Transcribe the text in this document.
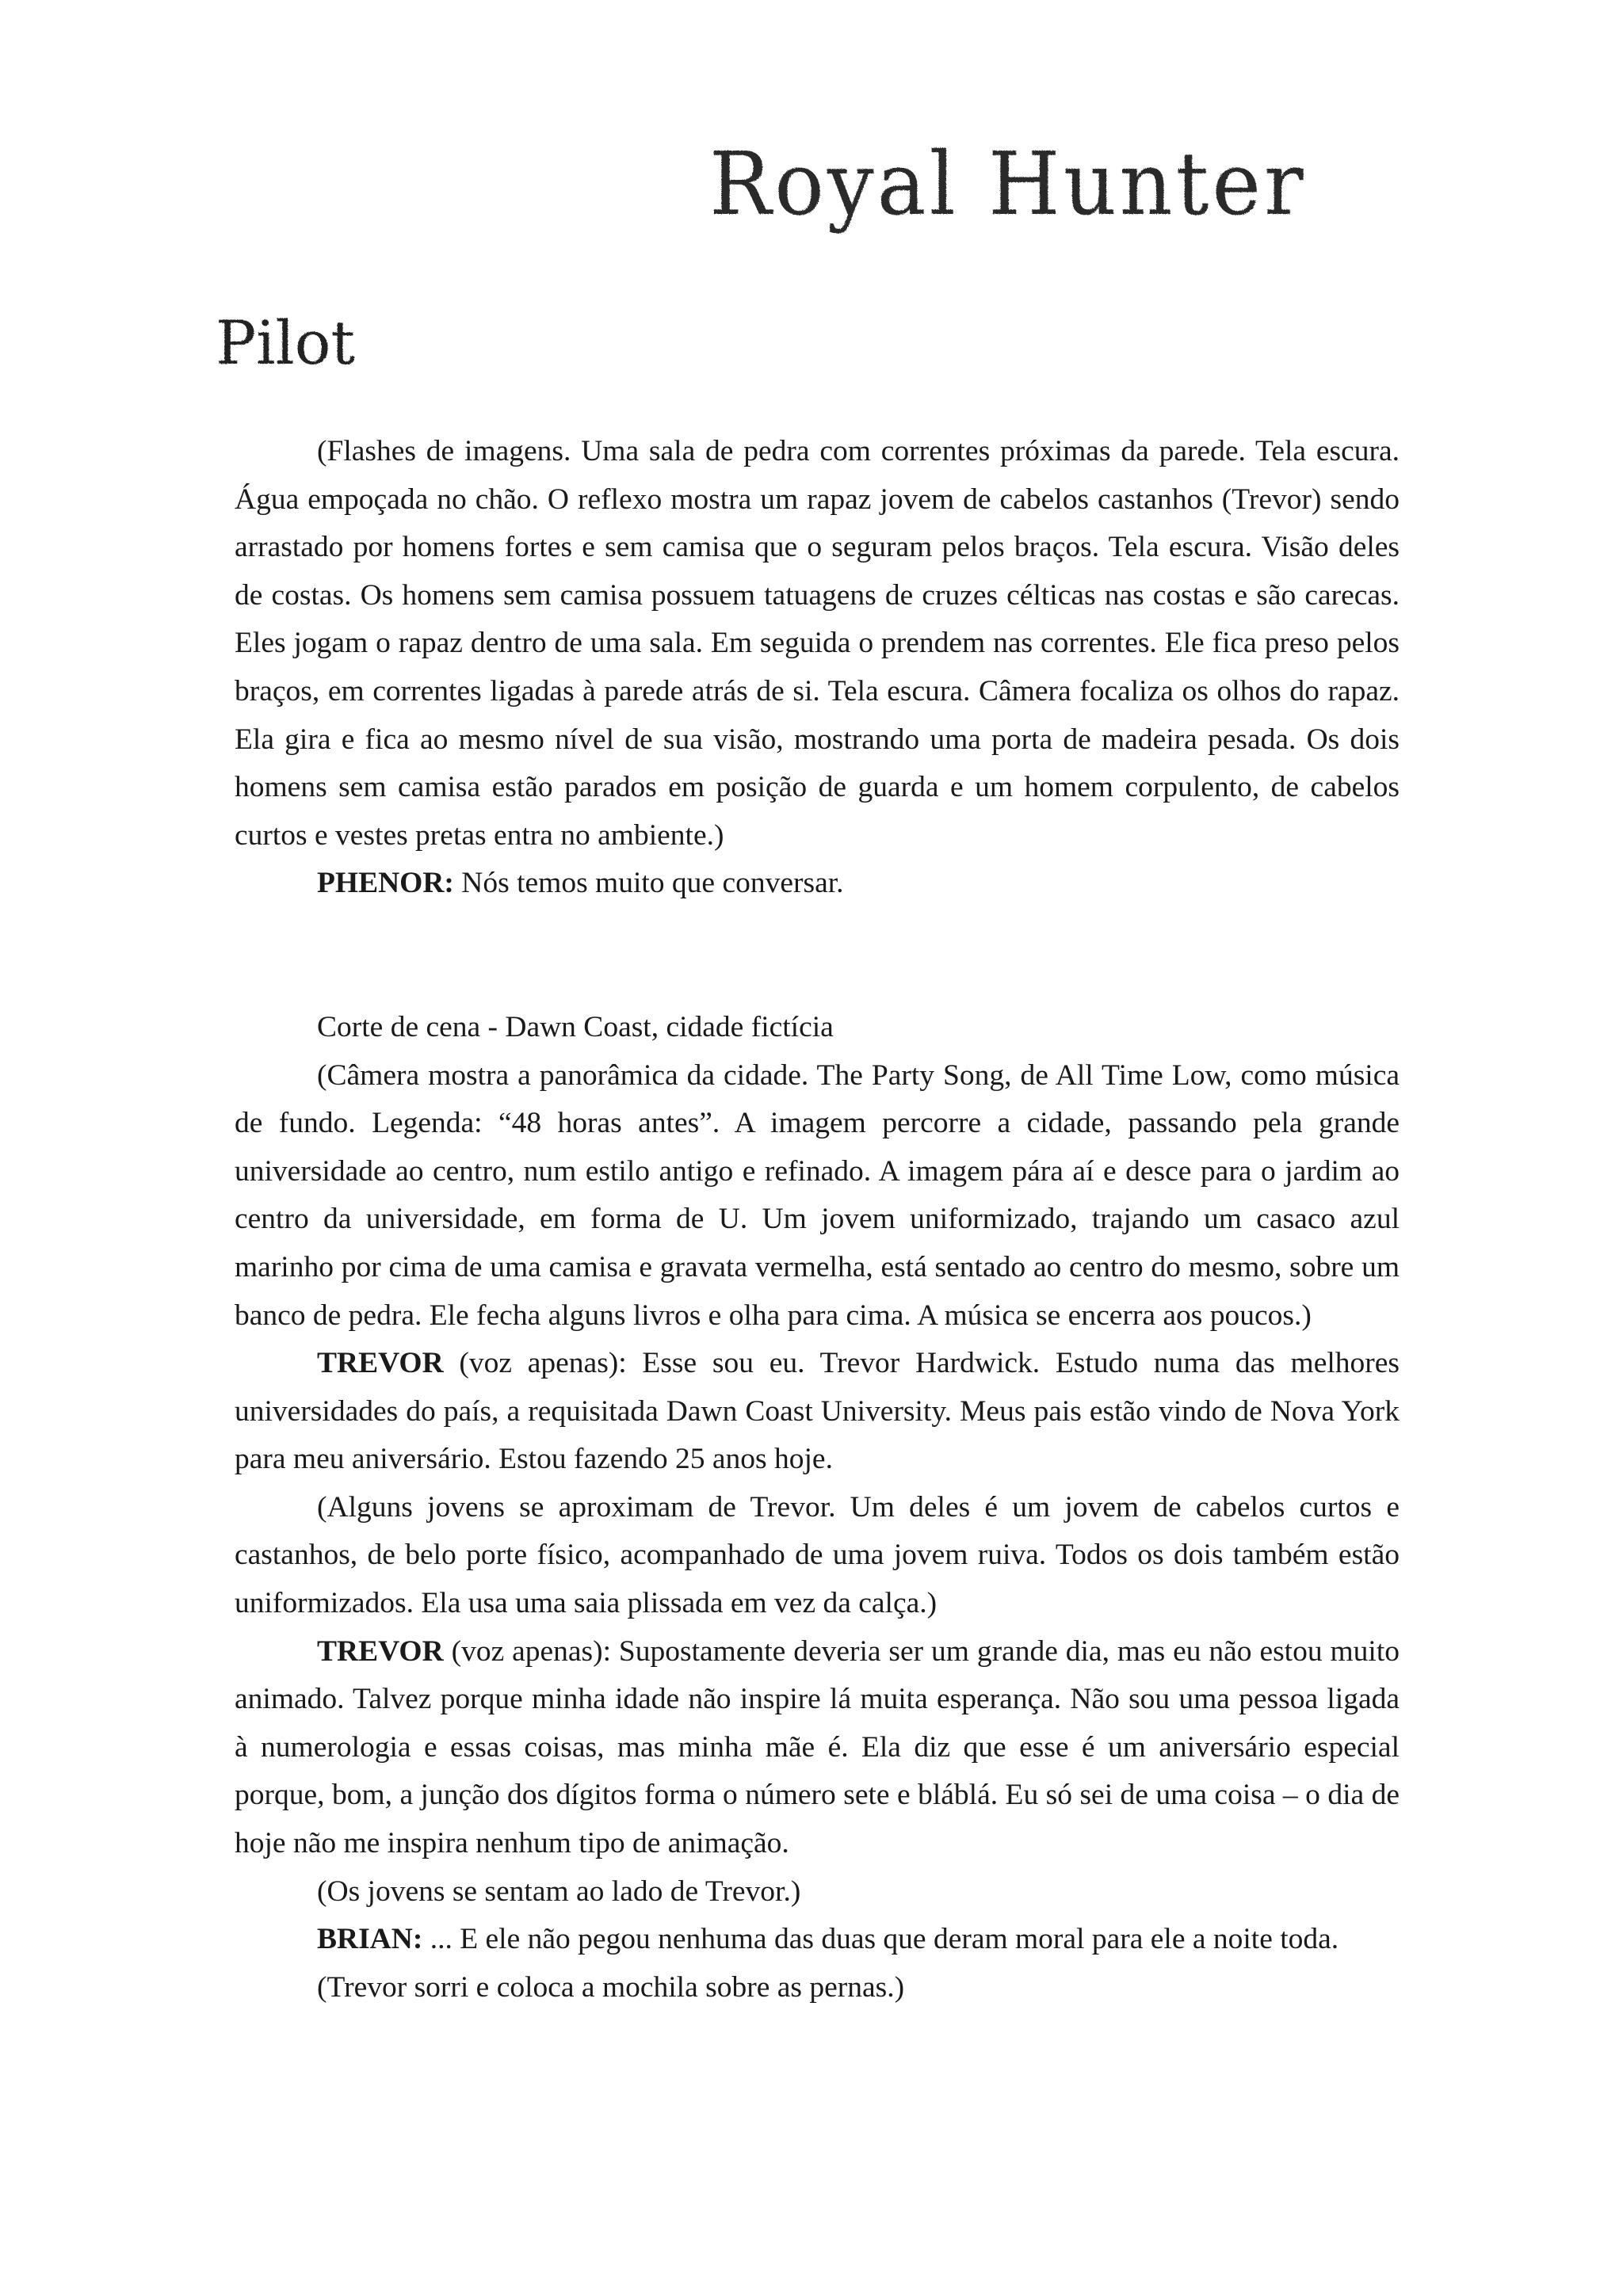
Royal Hunter
Pilot

(Flashes de imagens. Uma sala de pedra com correntes próximas da parede. Tela escura. Água empoçada no chão. O reflexo mostra um rapaz jovem de cabelos castanhos (Trevor) sendo arrastado por homens fortes e sem camisa que o seguram pelos braços. Tela escura. Visão deles de costas. Os homens sem camisa possuem tatuagens de cruzes célticas nas costas e são carecas. Eles jogam o rapaz dentro de uma sala. Em seguida o prendem nas correntes. Ele fica preso pelos braços, em correntes ligadas à parede atrás de si. Tela escura. Câmera focaliza os olhos do rapaz. Ela gira e fica ao mesmo nível de sua visão, mostrando uma porta de madeira pesada. Os dois homens sem camisa estão parados em posição de guarda e um homem corpulento, de cabelos curtos e vestes pretas entra no ambiente.)

PHENOR: Nós temos muito que conversar.

Corte de cena - Dawn Coast, cidade fictícia

(Câmera mostra a panorâmica da cidade. The Party Song, de All Time Low, como música de fundo. Legenda: “48 horas antes”. A imagem percorre a cidade, passando pela grande universidade ao centro, num estilo antigo e refinado. A imagem pára aí e desce para o jardim ao centro da universidade, em forma de U. Um jovem uniformizado, trajando um casaco azul marinho por cima de uma camisa e gravata vermelha, está sentado ao centro do mesmo, sobre um banco de pedra. Ele fecha alguns livros e olha para cima. A música se encerra aos poucos.)

TREVOR (voz apenas): Esse sou eu. Trevor Hardwick. Estudo numa das melhores universidades do país, a requisitada Dawn Coast University. Meus pais estão vindo de Nova York para meu aniversário. Estou fazendo 25 anos hoje.

(Alguns jovens se aproximam de Trevor. Um deles é um jovem de cabelos curtos e castanhos, de belo porte físico, acompanhado de uma jovem ruiva. Todos os dois também estão uniformizados. Ela usa uma saia plissada em vez da calça.)

TREVOR (voz apenas): Supostamente deveria ser um grande dia, mas eu não estou muito animado. Talvez porque minha idade não inspire lá muita esperança. Não sou uma pessoa ligada à numerologia e essas coisas, mas minha mãe é. Ela diz que esse é um aniversário especial porque, bom, a junção dos dígitos forma o número sete e bláblá. Eu só sei de uma coisa – o dia de hoje não me inspira nenhum tipo de animação.

(Os jovens se sentam ao lado de Trevor.)

BRIAN: ... E ele não pegou nenhuma das duas que deram moral para ele a noite toda.

(Trevor sorri e coloca a mochila sobre as pernas.)
